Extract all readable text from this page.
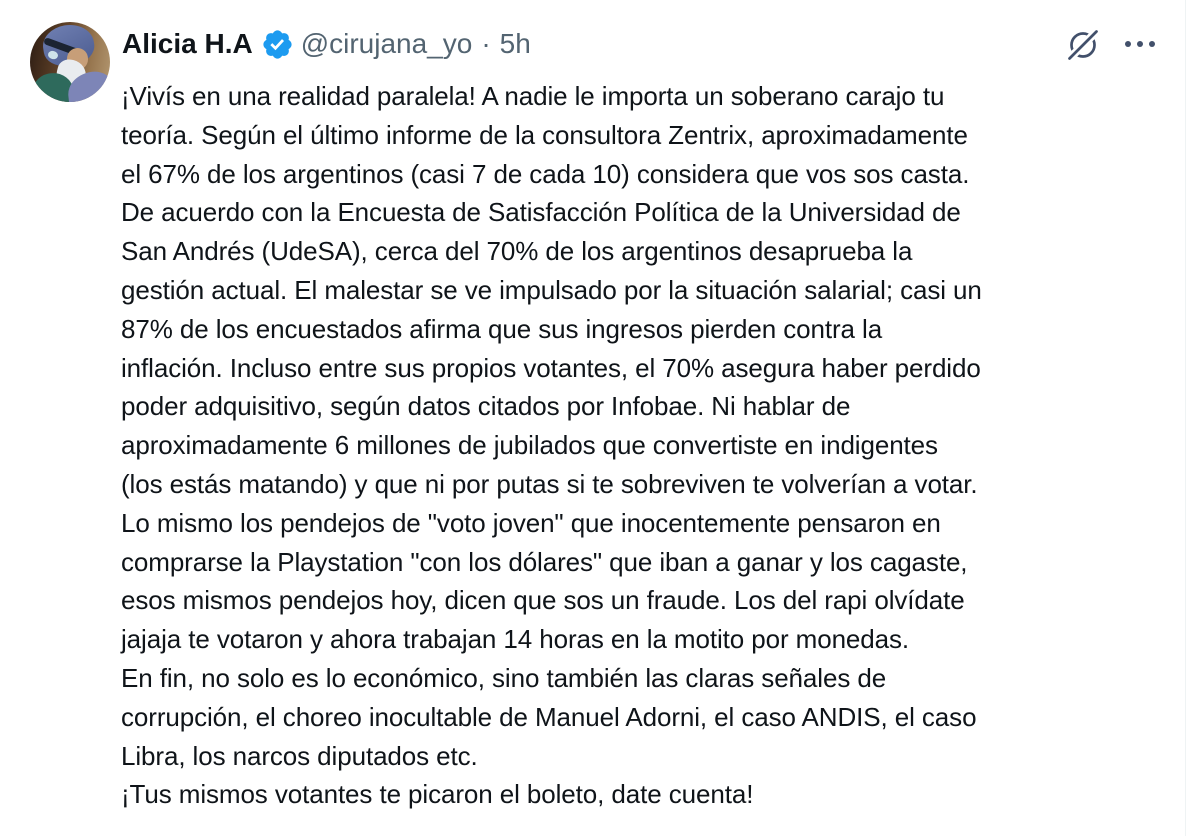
Alicia H.A @cirujana_yo · 5h
¡Vivís en una realidad paralela! A nadie le importa un soberano carajo tu
teoría. Según el último informe de la consultora Zentrix, aproximadamente
el 67% de los argentinos (casi 7 de cada 10) considera que vos sos casta.
De acuerdo con la Encuesta de Satisfacción Política de la Universidad de
San Andrés (UdeSA), cerca del 70% de los argentinos desaprueba la
gestión actual. El malestar se ve impulsado por la situación salarial; casi un
87% de los encuestados afirma que sus ingresos pierden contra la
inflación. Incluso entre sus propios votantes, el 70% asegura haber perdido
poder adquisitivo, según datos citados por Infobae. Ni hablar de
aproximadamente 6 millones de jubilados que convertiste en indigentes
(los estás matando) y que ni por putas si te sobreviven te volverían a votar.
Lo mismo los pendejos de "voto joven" que inocentemente pensaron en
comprarse la Playstation "con los dólares" que iban a ganar y los cagaste,
esos mismos pendejos hoy, dicen que sos un fraude. Los del rapi olvídate
jajaja te votaron y ahora trabajan 14 horas en la motito por monedas.
En fin, no solo es lo económico, sino también las claras señales de
corrupción, el choreo inocultable de Manuel Adorni, el caso ANDIS, el caso
Libra, los narcos diputados etc.
¡Tus mismos votantes te picaron el boleto, date cuenta!
